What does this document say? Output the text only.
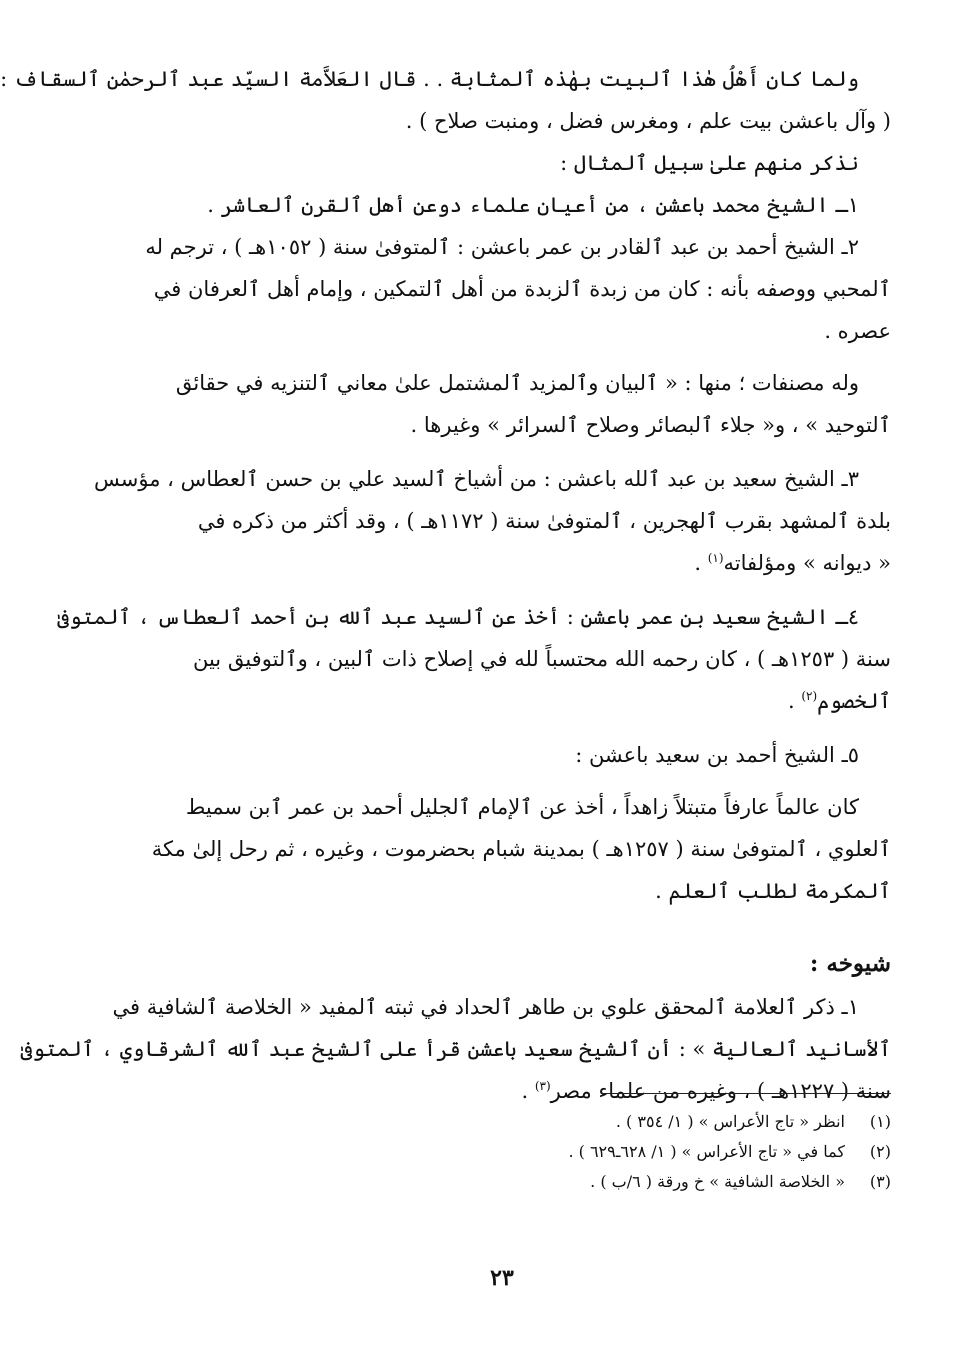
ولما كان أَهْلُ هٰذا ٱلبيت بهٰذه ٱلمثابة . . قال العَلاَّمة السيّد عبد ٱلرحمٰن ٱلسقاف :

( وآل باعشن بيت علم ، ومغرس فضل ، ومنبت صلاح ) .

نذكر منهم علىٰ سبيل ٱلمثال :

١ـ الشيخ محمد باعشن ، من أعيان علماء دوعن أهل ٱلقرن ٱلعاشر .

٢ـ الشيخ أحمد بن عبد ٱلقادر بن عمر باعشن : ٱلمتوفىٰ سنة ( ١٠٥٢هـ ) ، ترجم له

ٱلمحبي ووصفه بأنه : كان من زبدة ٱلزبدة من أهل ٱلتمكين ، وإمام أهل ٱلعرفان في

عصره .

وله مصنفات ؛ منها : « ٱلبيان وٱلمزيد ٱلمشتمل علىٰ معاني ٱلتنزيه في حقائق

ٱلتوحيد » ، و« جلاء ٱلبصائر وصلاح ٱلسرائر » وغيرها .

٣ـ الشيخ سعيد بن عبد ٱلله باعشن : من أشياخ ٱلسيد علي بن حسن ٱلعطاس ، مؤسس

بلدة ٱلمشهد بقرب ٱلهجرين ، ٱلمتوفىٰ سنة ( ١١٧٢هـ ) ، وقد أكثر من ذكره في

« ديوانه » ومؤلفاته$^{(١)}$ .

٤ـ الشيخ سعيد بن عمر باعشن : أخذ عن ٱلسيد عبد ٱلله بن أحمد ٱلعطاس ، ٱلمتوفىٰ

سنة ( ١٢٥٣هـ ) ، كان رحمه الله محتسباً لله في إصلاح ذات ٱلبين ، وٱلتوفيق بين

ٱلخصوم$^{(٢)}$ .

٥ـ الشيخ أحمد بن سعيد باعشن :

كان عالماً عارفاً متبتلاً زاهداً ، أخذ عن ٱلإمام ٱلجليل أحمد بن عمر ٱبن سميط

ٱلعلوي ، ٱلمتوفىٰ سنة ( ١٢٥٧هـ ) بمدينة شبام بحضرموت ، وغيره ، ثم رحل إلىٰ مكة

ٱلمكرمة لطلب ٱلعلم .

شيوخه :

١ـ ذكر ٱلعلامة ٱلمحقق علوي بن طاهر ٱلحداد في ثبته ٱلمفيد « الخلاصة ٱلشافية في

ٱلأسانيد ٱلعالية » : أن ٱلشيخ سعيد باعشن قرأ على ٱلشيخ عبد ٱلله ٱلشرقاوي ، ٱلمتوفىٰ

سنة ( ١٢٢٧هـ ) ، وغيره من علماء مصر$^{(٣)}$ .

(١)انظر « تاج الأعراس » ( ١/ ٣٥٤ ) .

(٢)كما في « تاج الأعراس » ( ١/ ٦٢٨ـ٦٢٩ ) .

(٣)« الخلاصة الشافية » خ ورقة ( ٦/ب ) .

٢٣
